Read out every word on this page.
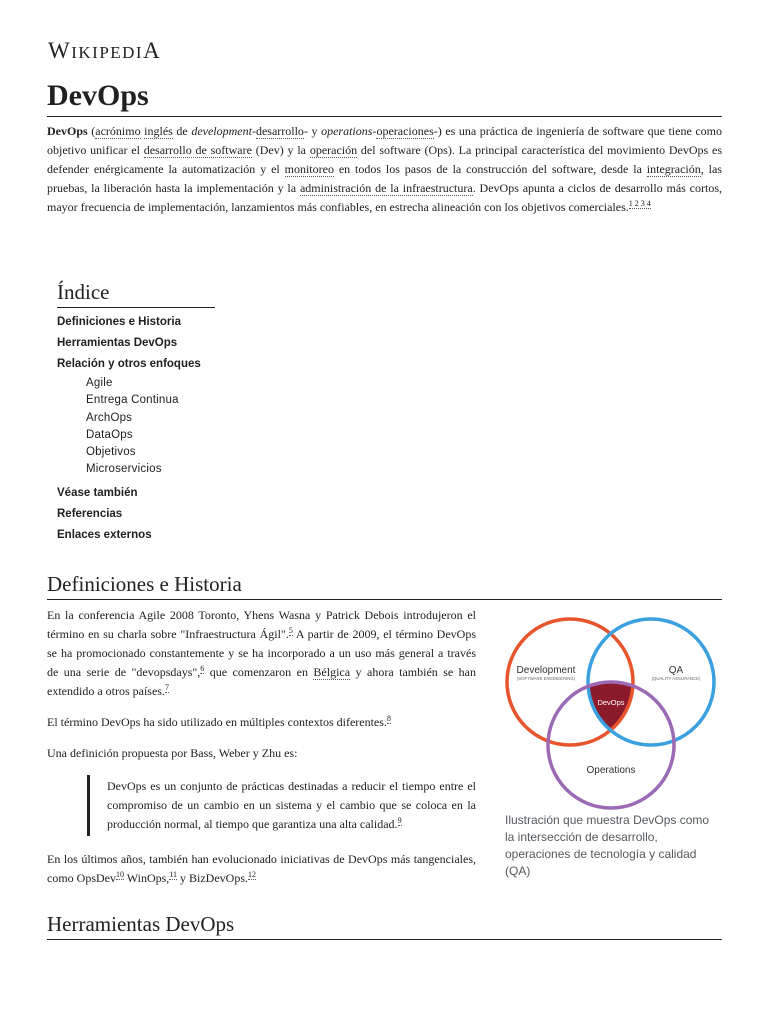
WIKIPEDIA
DevOps
DevOps (acrónimo inglés de development-desarrollo- y operations-operaciones-) es una práctica de ingeniería de software que tiene como objetivo unificar el desarrollo de software (Dev) y la operación del software (Ops). La principal característica del movimiento DevOps es defender enérgicamente la automatización y el monitoreo en todos los pasos de la construcción del software, desde la integración, las pruebas, la liberación hasta la implementación y la administración de la infraestructura. DevOps apunta a ciclos de desarrollo más cortos, mayor frecuencia de implementación, lanzamientos más confiables, en estrecha alineación con los objetivos comerciales.$^{1 2 3 4}$
Índice
Definiciones e Historia
Herramientas DevOps
Relación y otros enfoques
Agile
Entrega Continua
ArchOps
DataOps
Objetivos
Microservicios
Véase también
Referencias
Enlaces externos
Definiciones e Historia

En la conferencia Agile 2008 Toronto, Yhens Wasna y Patrick Debois introdujeron el término en su charla sobre "Infraestructura Ágil".$^5$ A partir de 2009, el término DevOps se ha promocionado constantemente y se ha incorporado a un uso más general a través de una serie de "devopsdays",$^6$ que comenzaron en Bélgica y ahora también se han extendido a otros países.$^7$

El término DevOps ha sido utilizado en múltiples contextos diferentes.$^8$

Una definición propuesta por Bass, Weber y Zhu es:

DevOps es un conjunto de prácticas destinadas a reducir el tiempo entre el compromiso de un cambio en un sistema y el cambio que se coloca en la producción normal, al tiempo que garantiza una alta calidad.$^9$

En los últimos años, también han evolucionado iniciativas de DevOps más tangenciales, como OpsDev$^{10}$ WinOps,$^{11}$ y BizDevOps.$^{12}$

Development
(SOFTWARE ENGINEERING)
QA
(QUALITY ASSURANCE)
Operations
DevOps
Ilustración que muestra DevOps como la intersección de desarrollo, operaciones de tecnología y calidad (QA)
Herramientas DevOps
